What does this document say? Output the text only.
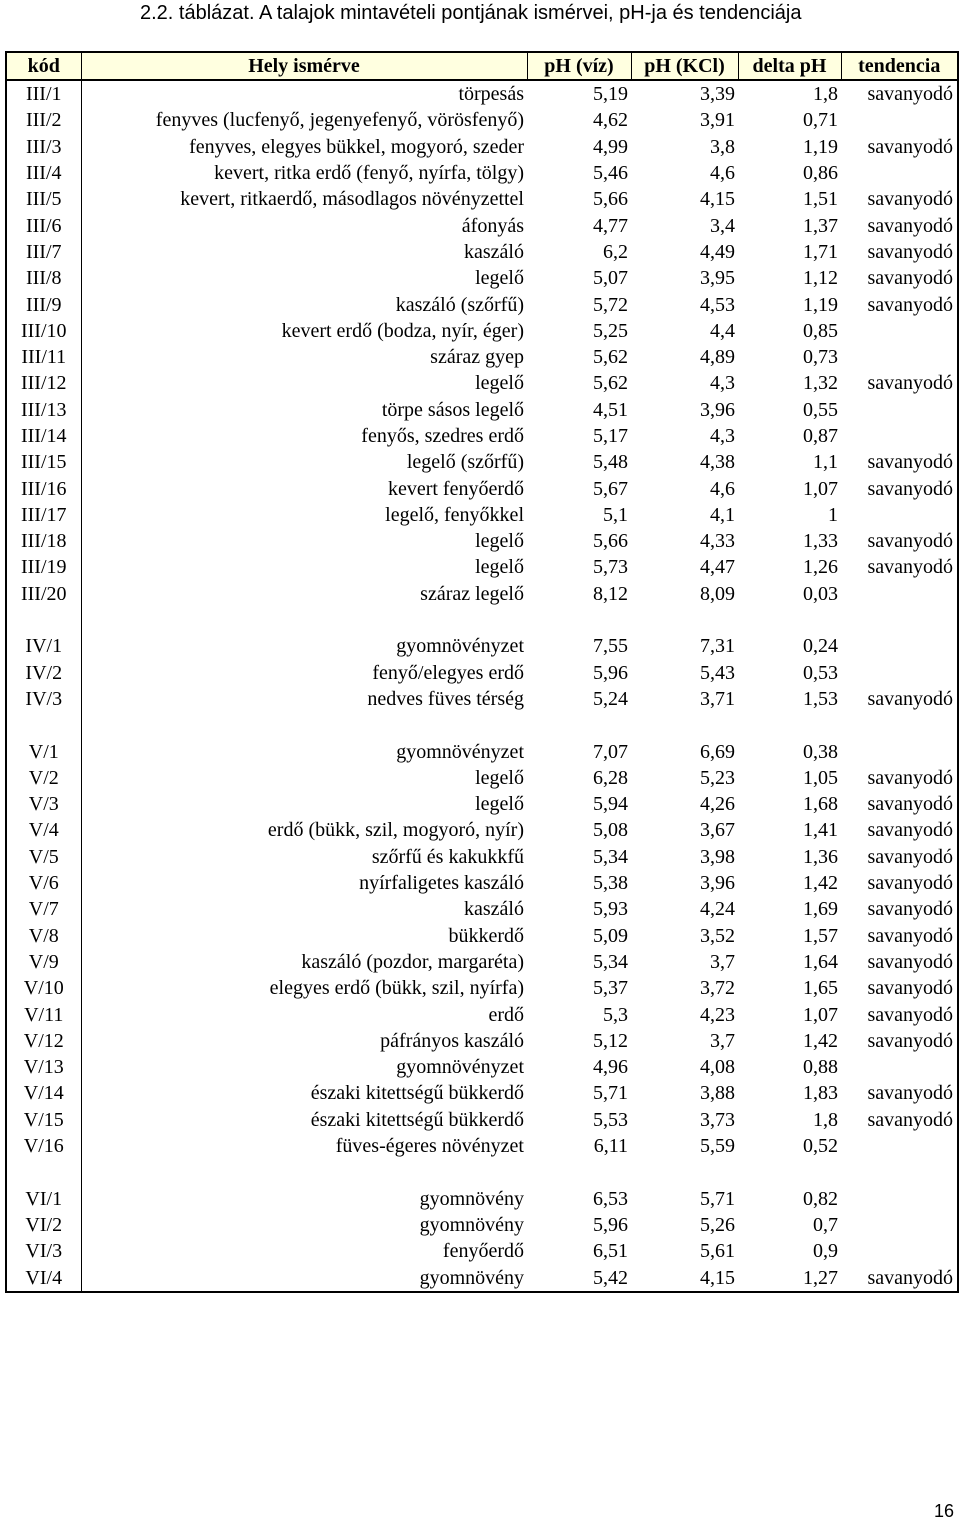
2.2. táblázat. A talajok mintavételi pontjának ismérvei, pH-ja és tendenciája
kód	Hely ismérve	pH (víz)	pH (KCl)	delta pH	tendencia
III/1	törpesás	5,19	3,39	1,8	savanyodó
III/2	fenyves (lucfenyő, jegenyefenyő, vörösfenyő)	4,62	3,91	0,71	
III/3	fenyves, elegyes bükkel, mogyoró, szeder	4,99	3,8	1,19	savanyodó
III/4	kevert, ritka erdő (fenyő, nyírfa, tölgy)	5,46	4,6	0,86	
III/5	kevert, ritkaerdő, másodlagos növényzettel	5,66	4,15	1,51	savanyodó
III/6	áfonyás	4,77	3,4	1,37	savanyodó
III/7	kaszáló	6,2	4,49	1,71	savanyodó
III/8	legelő	5,07	3,95	1,12	savanyodó
III/9	kaszáló (szőrfű)	5,72	4,53	1,19	savanyodó
III/10	kevert erdő (bodza, nyír, éger)	5,25	4,4	0,85	
III/11	száraz gyep	5,62	4,89	0,73	
III/12	legelő	5,62	4,3	1,32	savanyodó
III/13	törpe sásos legelő	4,51	3,96	0,55	
III/14	fenyős, szedres erdő	5,17	4,3	0,87	
III/15	legelő (szőrfű)	5,48	4,38	1,1	savanyodó
III/16	kevert fenyőerdő	5,67	4,6	1,07	savanyodó
III/17	legelő, fenyőkkel	5,1	4,1	1	
III/18	legelő	5,66	4,33	1,33	savanyodó
III/19	legelő	5,73	4,47	1,26	savanyodó
III/20	száraz legelő	8,12	8,09	0,03	

IV/1	gyomnövényzet	7,55	7,31	0,24	
IV/2	fenyő/elegyes erdő	5,96	5,43	0,53	
IV/3	nedves füves térség	5,24	3,71	1,53	savanyodó

V/1	gyomnövényzet	7,07	6,69	0,38	
V/2	legelő	6,28	5,23	1,05	savanyodó
V/3	legelő	5,94	4,26	1,68	savanyodó
V/4	erdő (bükk, szil, mogyoró, nyír)	5,08	3,67	1,41	savanyodó
V/5	szőrfű és kakukkfű	5,34	3,98	1,36	savanyodó
V/6	nyírfaligetes kaszáló	5,38	3,96	1,42	savanyodó
V/7	kaszáló	5,93	4,24	1,69	savanyodó
V/8	bükkerdő	5,09	3,52	1,57	savanyodó
V/9	kaszáló (pozdor, margaréta)	5,34	3,7	1,64	savanyodó
V/10	elegyes erdő (bükk, szil, nyírfa)	5,37	3,72	1,65	savanyodó
V/11	erdő	5,3	4,23	1,07	savanyodó
V/12	páfrányos kaszáló	5,12	3,7	1,42	savanyodó
V/13	gyomnövényzet	4,96	4,08	0,88	
V/14	északi kitettségű bükkerdő	5,71	3,88	1,83	savanyodó
V/15	északi kitettségű bükkerdő	5,53	3,73	1,8	savanyodó
V/16	füves-égeres növényzet	6,11	5,59	0,52	

VI/1	gyomnövény	6,53	5,71	0,82	
VI/2	gyomnövény	5,96	5,26	0,7	
VI/3	fenyőerdő	6,51	5,61	0,9	
VI/4	gyomnövény	5,42	4,15	1,27	savanyodó
16
